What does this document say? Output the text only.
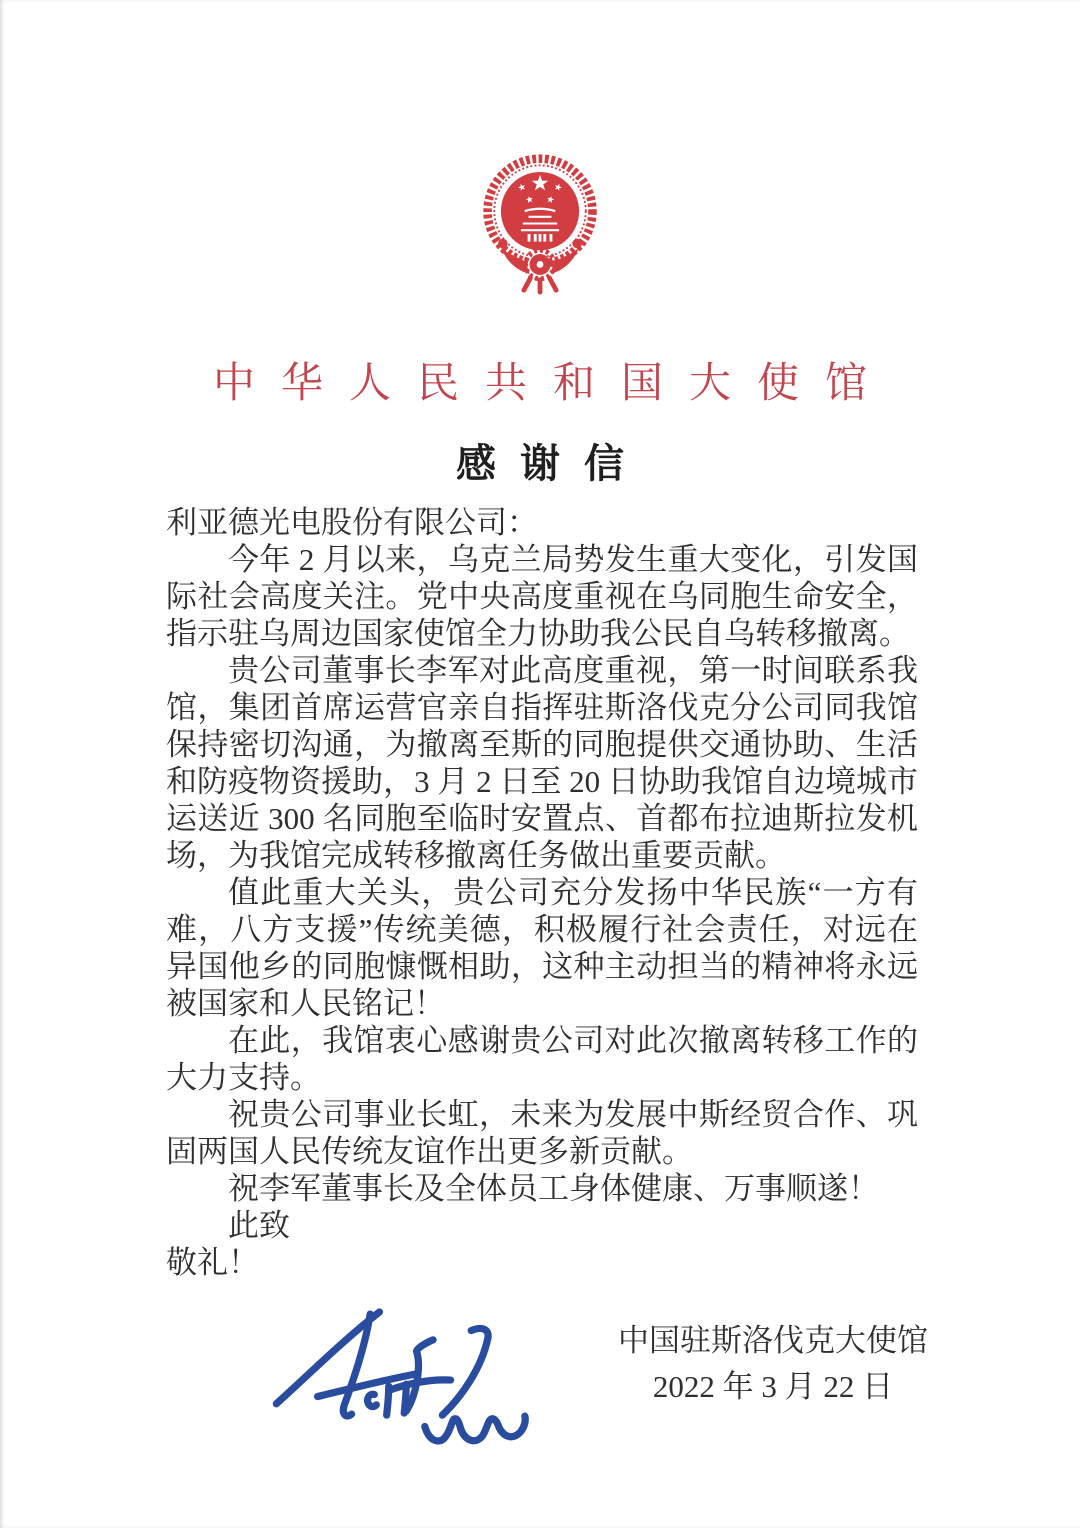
中华人民共和国大使馆
感谢信

利亚德光电股份有限公司：

今年 2 月以来，乌克兰局势发生重大变化，引发国际社会高度关注。党中央高度重视在乌同胞生命安全，指示驻乌周边国家使馆全力协助我公民自乌转移撤离。

贵公司董事长李军对此高度重视，第一时间联系我馆，集团首席运营官亲自指挥驻斯洛伐克分公司同我馆保持密切沟通，为撤离至斯的同胞提供交通协助、生活和防疫物资援助，3 月 2 日至 20 日协助我馆自边境城市运送近 300 名同胞至临时安置点、首都布拉迪斯拉发机场，为我馆完成转移撤离任务做出重要贡献。

值此重大关头，贵公司充分发扬中华民族“一方有难，八方支援”传统美德，积极履行社会责任，对远在异国他乡的同胞慷慨相助，这种主动担当的精神将永远被国家和人民铭记！

在此，我馆衷心感谢贵公司对此次撤离转移工作的大力支持。

祝贵公司事业长虹，未来为发展中斯经贸合作、巩固两国人民传统友谊作出更多新贡献。

祝李军董事长及全体员工身体健康、万事顺遂！

此致

敬礼！

中国驻斯洛伐克大使馆
2022 年 3 月 22 日
